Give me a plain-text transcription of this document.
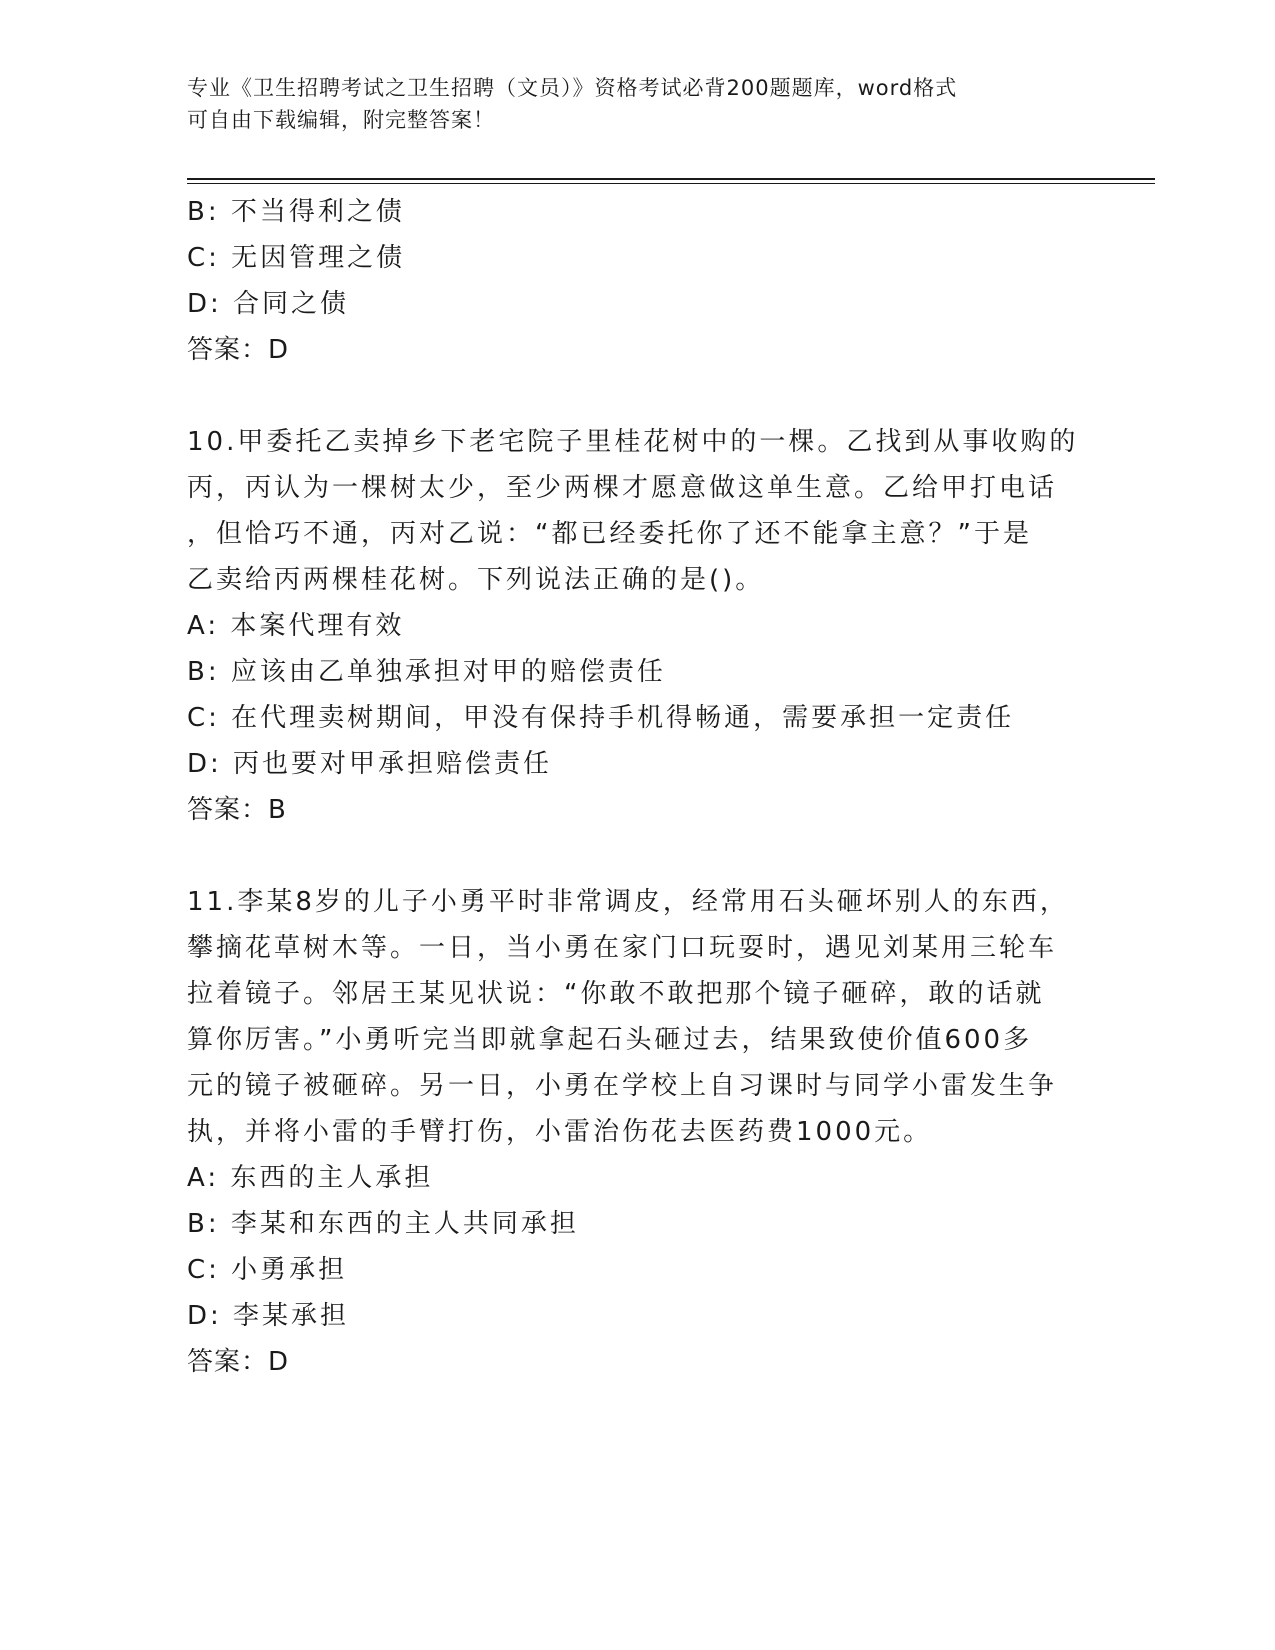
专业《卫生招聘考试之卫生招聘（文员）》资格考试必背200题题库，word格式
可自由下载编辑，附完整答案！
B: 不当得利之债
C: 无因管理之债
D: 合同之债
答案：D
10.甲委托乙卖掉乡下老宅院子里桂花树中的一棵。乙找到从事收购的
丙，丙认为一棵树太少，至少两棵才愿意做这单生意。乙给甲打电话
，但恰巧不通，丙对乙说：“都已经委托你了还不能拿主意？”于是
乙卖给丙两棵桂花树。下列说法正确的是()。
A: 本案代理有效
B: 应该由乙单独承担对甲的赔偿责任
C: 在代理卖树期间，甲没有保持手机得畅通，需要承担一定责任
D: 丙也要对甲承担赔偿责任
答案：B
11.李某8岁的儿子小勇平时非常调皮，经常用石头砸坏别人的东西，
攀摘花草树木等。一日，当小勇在家门口玩耍时，遇见刘某用三轮车
拉着镜子。邻居王某见状说：“你敢不敢把那个镜子砸碎，敢的话就
算你厉害。”小勇听完当即就拿起石头砸过去，结果致使价值600多
元的镜子被砸碎。另一日，小勇在学校上自习课时与同学小雷发生争
执，并将小雷的手臂打伤，小雷治伤花去医药费1000元。
A: 东西的主人承担
B: 李某和东西的主人共同承担
C: 小勇承担
D: 李某承担
答案：D
